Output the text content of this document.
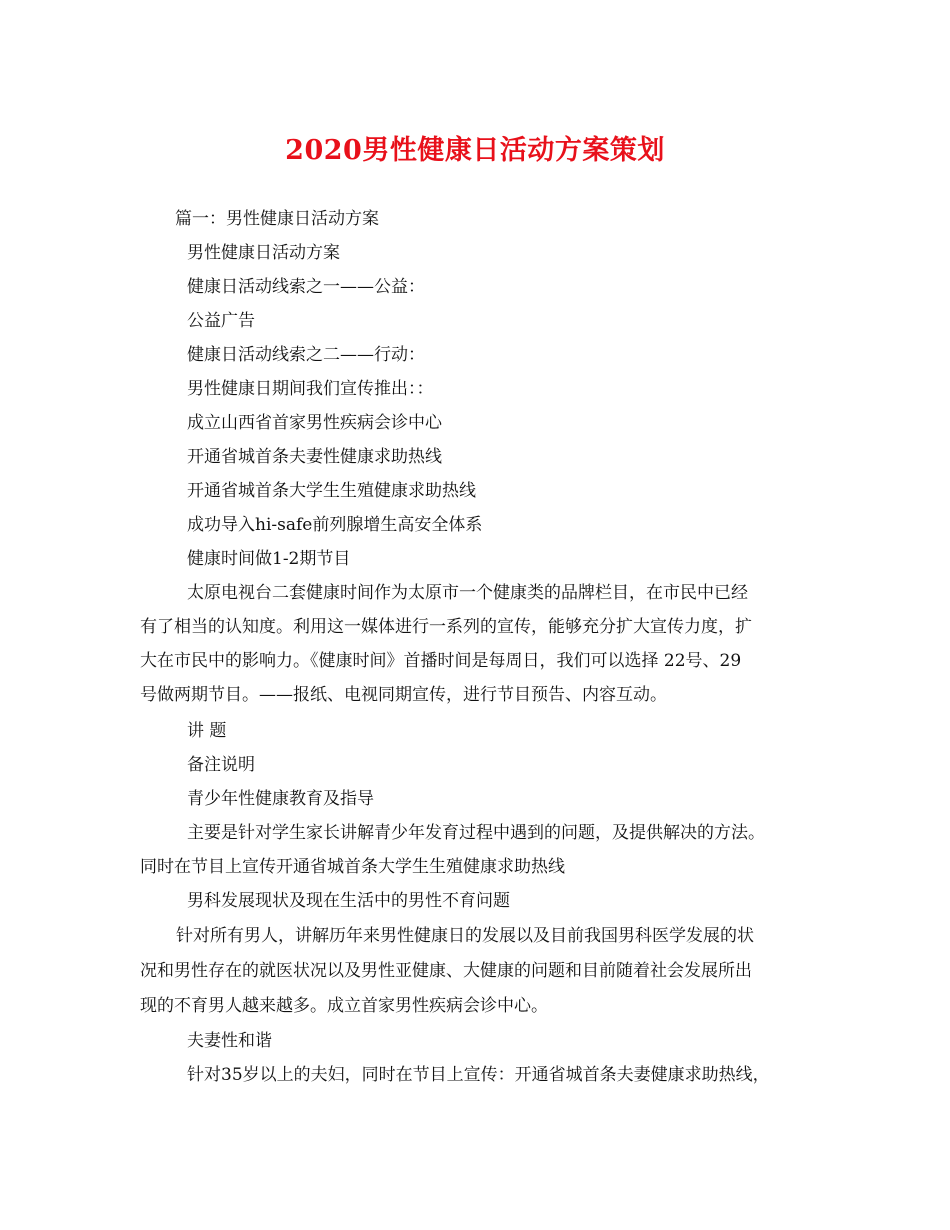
2020男性健康日活动方案策划
篇一：男性健康日活动方案
男性健康日活动方案
健康日活动线索之一——公益：
公益广告
健康日活动线索之二——行动：
男性健康日期间我们宣传推出：：
成立山西省首家男性疾病会诊中心
开通省城首条夫妻性健康求助热线
开通省城首条大学生生殖健康求助热线
成功导入hi-safe前列腺增生高安全体系
健康时间做1-2期节目
太原电视台二套健康时间作为太原市一个健康类的品牌栏目，在市民中已经
有了相当的认知度。利用这一媒体进行一系列的宣传，能够充分扩大宣传力度，扩
大在市民中的影响力。《健康时间》首播时间是每周日，我们可以选择 22号、29
号做两期节目。——报纸、电视同期宣传，进行节目预告、内容互动。
讲 题
备注说明
青少年性健康教育及指导
主要是针对学生家长讲解青少年发育过程中遇到的问题，及提供解决的方法。
同时在节目上宣传开通省城首条大学生生殖健康求助热线
男科发展现状及现在生活中的男性不育问题
针对所有男人，讲解历年来男性健康日的发展以及目前我国男科医学发展的状
况和男性存在的就医状况以及男性亚健康、大健康的问题和目前随着社会发展所出
现的不育男人越来越多。成立首家男性疾病会诊中心。
夫妻性和谐
针对35岁以上的夫妇，同时在节目上宣传：开通省城首条夫妻健康求助热线，
